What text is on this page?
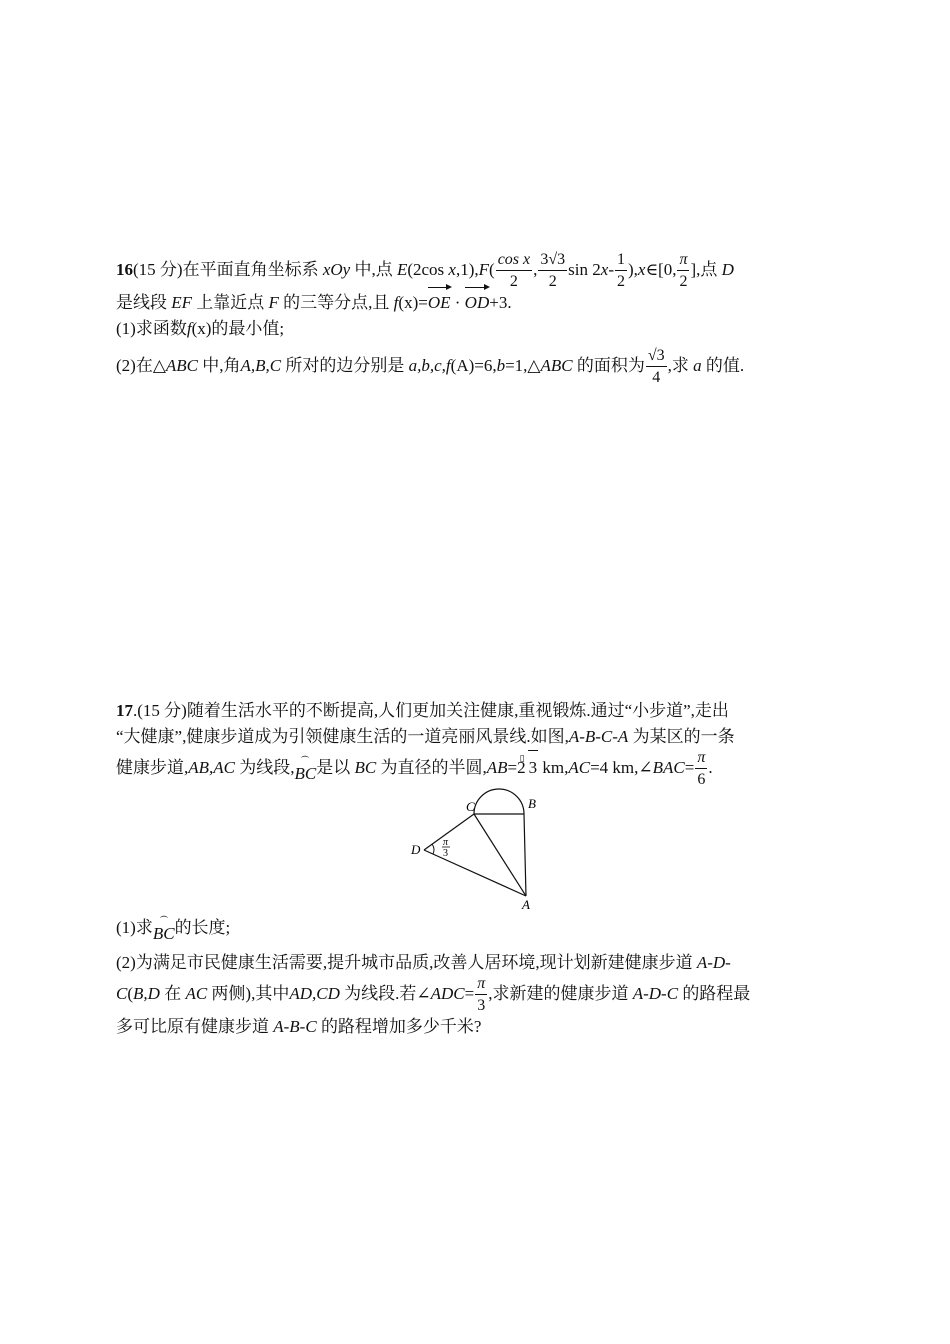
16(15 分)在平面直角坐标系 xOy 中,点 E(2cos $x,1),F( \frac{\text{cos x}}{2}$ , $\frac{3√3}{2}$ $\sin 2x- \frac{1}{2}$ ),x∈[0, $\frac{\pi}{2}$ ],点 D
是线段 EF 上靠近点 F 的三等分点,且 f(x)=OE · OD+3.
(1)求函数f(x)的最小值;
(2)在△ABC 中,角A,B,C 所对的边分别是 a,b,c,f(A)=6,b=1,△ABC 的面积为 $\frac{√3}{4}$ ,求 a 的值.
17.(15 分)随着生活水平的不断提高,人们更加关注健康,重视锻炼.通过“小步道”,走出
“大健康”,健康步道成为引领健康生活的一道亮丽风景线.如图,A-B-C-A 为某区的一条
健康步道,AB,AC 为线段,⌒ BC是以 BC 为直径的半圆,AB=2▯ 3 km,AC=4 km,∠BAC= $\frac{\pi}{6}$ .
C	B
A
D π
3
(1)求⌒ BC的长度;
(2)为满足市民健康生活需要,提升城市品质,改善人居环境,现计划新建健康步道 A-D-
C(B,D 在 AC 两侧),其中AD,CD 为线段.若∠ADC= $\frac{\pi}{3}$ ,求新建的健康步道 A-D-C 的路程最
多可比原有健康步道 A-B-C 的路程增加多少千米?
